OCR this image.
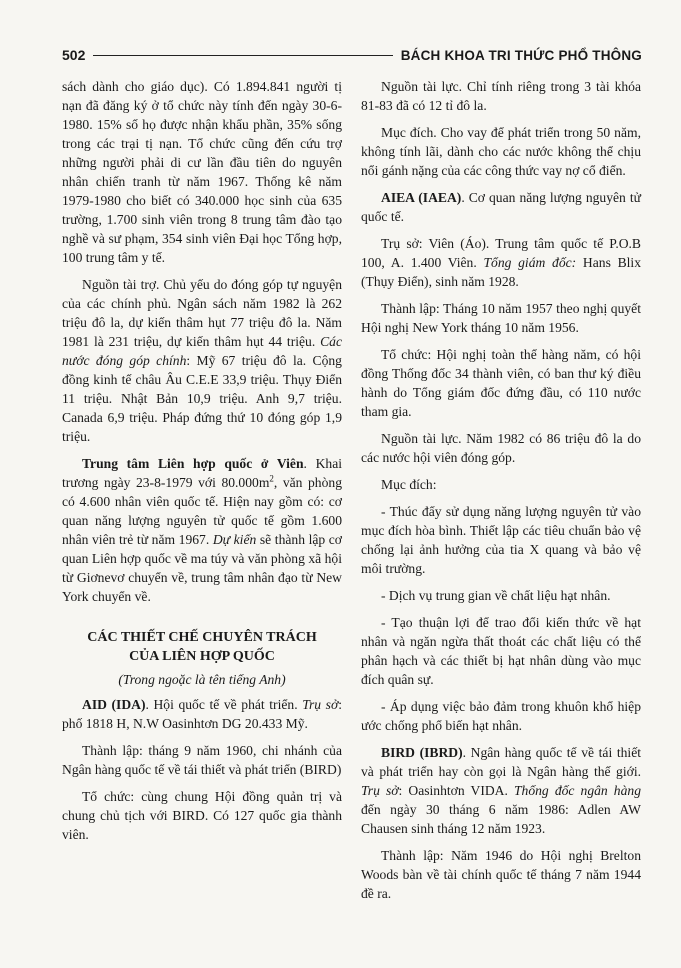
502	BÁCH KHOA TRI THỨC PHỔ THÔNG

sách dành cho giáo dục). Có 1.894.841 người tị nạn đã đăng ký ở tổ chức này tính đến ngày 30-6-1980. 15% số họ được nhận khẩu phần, 35% sống trong các trại tị nạn. Tổ chức cũng đến cứu trợ những người phải di cư lần đầu tiên do nguyên nhân chiến tranh từ năm 1967. Thống kê năm 1979-1980 cho biết có 340.000 học sinh của 635 trường, 1.700 sinh viên trong 8 trung tâm đào tạo nghề và sư phạm, 354 sinh viên Đại học Tổng hợp, 100 trung tâm y tế.

Nguồn tài trợ. Chủ yếu do đóng góp tự nguyện của các chính phủ. Ngân sách năm 1982 là 262 triệu đô la, dự kiến thâm hụt 77 triệu đô la. Năm 1981 là 231 triệu, dự kiến thâm hụt 44 triệu. Các nước đóng góp chính: Mỹ 67 triệu đô la. Cộng đồng kinh tế châu Âu C.E.E 33,9 triệu. Thụy Điển 11 triệu. Nhật Bản 10,9 triệu. Anh 9,7 triệu. Canada 6,9 triệu. Pháp đứng thứ 10 đóng góp 1,9 triệu.

Trung tâm Liên hợp quốc ở Viên. Khai trương ngày 23-8-1979 với $80.000m^2$, văn phòng có 4.600 nhân viên quốc tế. Hiện nay gồm có: cơ quan năng lượng nguyên tử quốc tế gồm 1.600 nhân viên trẻ từ năm 1967. Dự kiến sẽ thành lập cơ quan Liên hợp quốc về ma túy và văn phòng xã hội từ Giơnevơ chuyển về, trung tâm nhân đạo từ New York chuyển về.

CÁC THIẾT CHẾ CHUYÊN TRÁCH
CỦA LIÊN HỢP QUỐC
(Trong ngoặc là tên tiếng Anh)

AID (IDA). Hội quốc tế về phát triển. Trụ sở: phố 1818 H, N.W Oasinhtơn DG 20.433 Mỹ.

Thành lập: tháng 9 năm 1960, chi nhánh của Ngân hàng quốc tế về tái thiết và phát triển (BIRD)

Tổ chức: cùng chung Hội đồng quản trị và chung chủ tịch với BIRD. Có 127 quốc gia thành viên.

Nguồn tài lực. Chỉ tính riêng trong 3 tài khóa 81-83 đã có 12 tỉ đô la.

Mục đích. Cho vay để phát triển trong 50 năm, không tính lãi, dành cho các nước không thể chịu nổi gánh nặng của các công thức vay nợ cổ điển.

AIEA (IAEA). Cơ quan năng lượng nguyên tử quốc tế.

Trụ sở: Viên (Áo). Trung tâm quốc tế P.O.B 100, A. 1.400 Viên. Tổng giám đốc: Hans Blix (Thụy Điển), sinh năm 1928.

Thành lập: Tháng 10 năm 1957 theo nghị quyết Hội nghị New York tháng 10 năm 1956.

Tổ chức: Hội nghị toàn thể hàng năm, có hội đồng Thống đốc 34 thành viên, có ban thư ký điều hành do Tổng giám đốc đứng đầu, có 110 nước tham gia.

Nguồn tài lực. Năm 1982 có 86 triệu đô la do các nước hội viên đóng góp.

Mục đích:

- Thúc đẩy sử dụng năng lượng nguyên tử vào mục đích hòa bình. Thiết lập các tiêu chuẩn bảo vệ chống lại ảnh hưởng của tia X quang và bảo vệ môi trường.

- Dịch vụ trung gian về chất liệu hạt nhân.

- Tạo thuận lợi để trao đổi kiến thức về hạt nhân và ngăn ngừa thất thoát các chất liệu có thể phân hạch và các thiết bị hạt nhân dùng vào mục đích quân sự.

- Áp dụng việc bảo đảm trong khuôn khổ hiệp ước chống phổ biến hạt nhân.

BIRD (IBRD). Ngân hàng quốc tế về tái thiết và phát triển hay còn gọi là Ngân hàng thế giới. Trụ sở: Oasinhtơn VIDA. Thống đốc ngân hàng đến ngày 30 tháng 6 năm 1986: Adlen AW Chausen sinh tháng 12 năm 1923.

Thành lập: Năm 1946 do Hội nghị Brelton Woods bàn về tài chính quốc tế tháng 7 năm 1944 đề ra.
